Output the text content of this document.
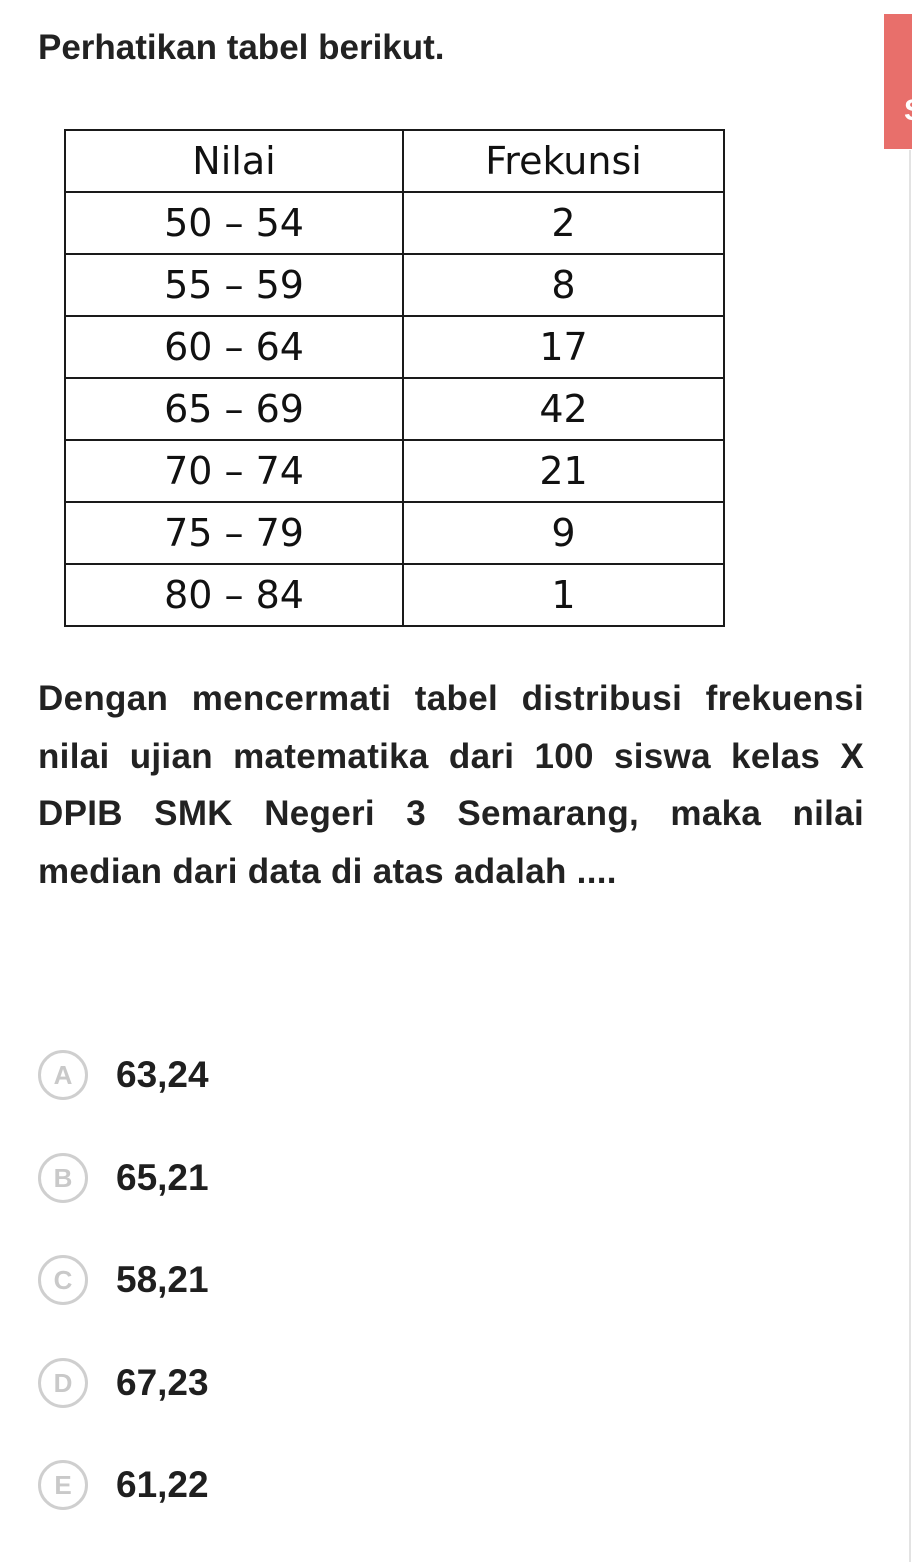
S

Perhatikan tabel berikut.

Nilai	Frekunsi
50 – 54	2
55 – 59	8
60 – 64	17
65 – 69	42
70 – 74	21
75 – 79	9
80 – 84	1

Dengan mencermati tabel distribusi frekuensi nilai ujian matematika dari 100 siswa kelas X DPIB SMK Negeri 3 Semarang, maka nilai median dari data di atas adalah ....

A	63,24
B	65,21
C	58,21
D	67,23
E	61,22
